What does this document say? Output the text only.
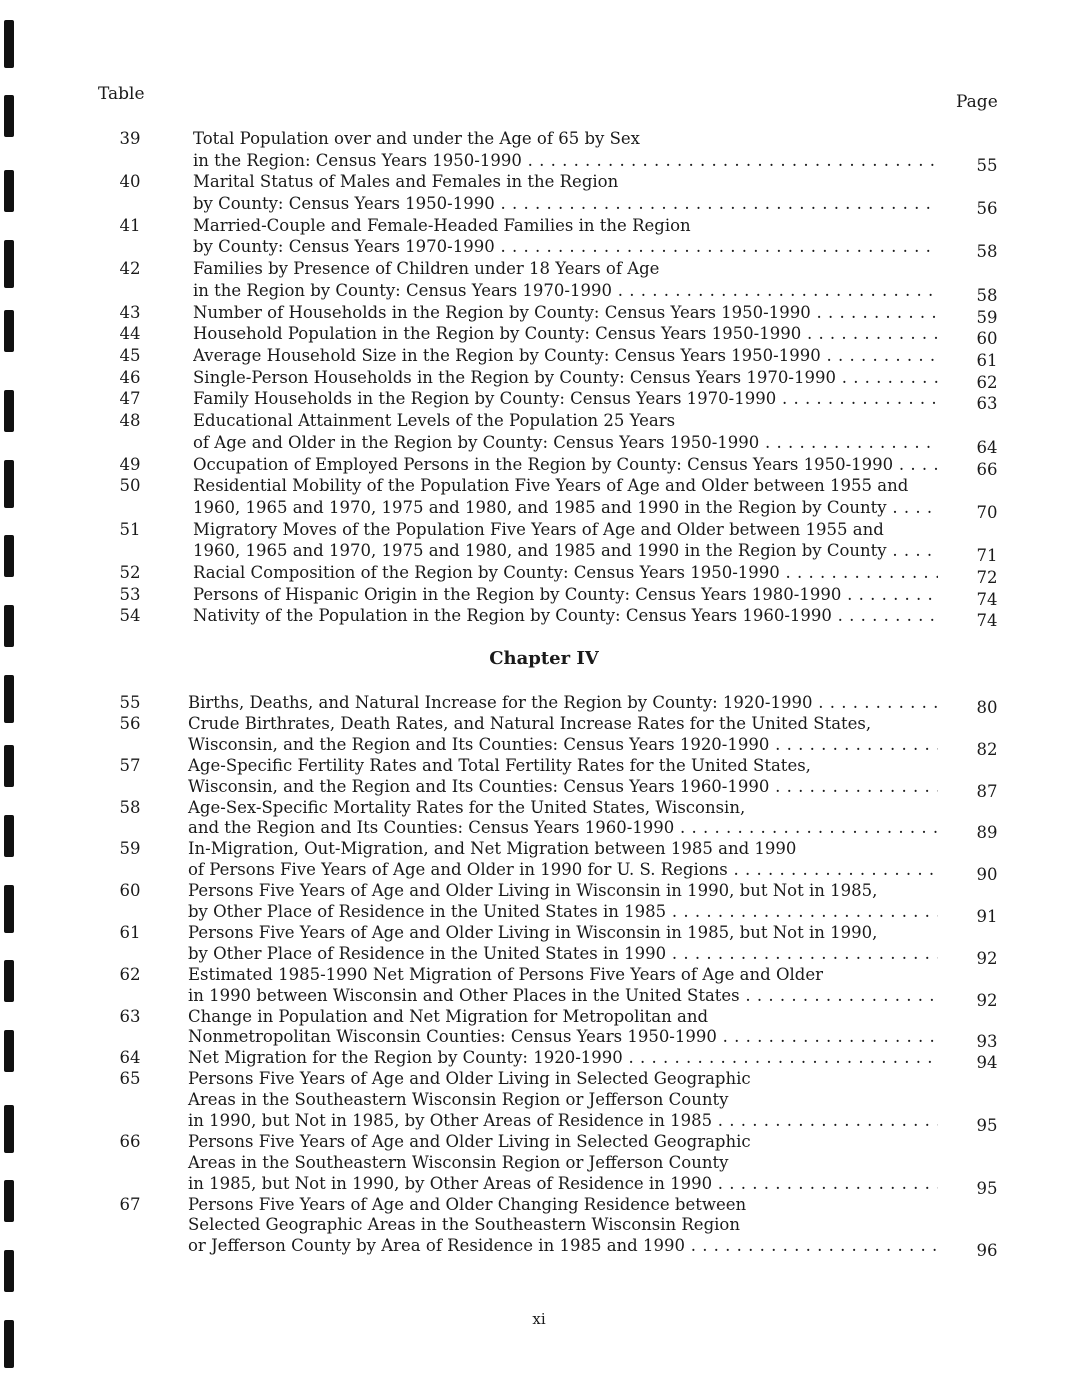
Table	Page
39	Total Population over and under the Age of 65 by Sex
in the Region: Census Years 1950-1990 . . .	55
40	Marital Status of Males and Females in the Region
by County: Census Years 1950-1990 . . .	56
41	Married-Couple and Female-Headed Families in the Region
by County: Census Years 1970-1990 . . .	58
42	Families by Presence of Children under 18 Years of Age
in the Region by County: Census Years 1970-1990 . . .	58
43	Number of Households in the Region by County: Census Years 1950-1990 . . .	59
44	Household Population in the Region by County: Census Years 1950-1990 . . .	60
45	Average Household Size in the Region by County: Census Years 1950-1990 . . .	61
46	Single-Person Households in the Region by County: Census Years 1970-1990 . . .	62
47	Family Households in the Region by County: Census Years 1970-1990 . . .	63
48	Educational Attainment Levels of the Population 25 Years
of Age and Older in the Region by County: Census Years 1950-1990 . . .	64
49	Occupation of Employed Persons in the Region by County: Census Years 1950-1990 . . .	66
50	Residential Mobility of the Population Five Years of Age and Older between 1955 and
1960, 1965 and 1970, 1975 and 1980, and 1985 and 1990 in the Region by County . . .	70
51	Migratory Moves of the Population Five Years of Age and Older between 1955 and
1960, 1965 and 1970, 1975 and 1980, and 1985 and 1990 in the Region by County . . .	71
52	Racial Composition of the Region by County: Census Years 1950-1990 . . .	72
53	Persons of Hispanic Origin in the Region by County: Census Years 1980-1990 . . .	74
54	Nativity of the Population in the Region by County: Census Years 1960-1990 . . .	74
Chapter IV
55	Births, Deaths, and Natural Increase for the Region by County: 1920-1990 . . .	80
56	Crude Birthrates, Death Rates, and Natural Increase Rates for the United States,
Wisconsin, and the Region and Its Counties: Census Years 1920-1990 . . .	82
57	Age-Specific Fertility Rates and Total Fertility Rates for the United States,
Wisconsin, and the Region and Its Counties: Census Years 1960-1990 . . .	87
58	Age-Sex-Specific Mortality Rates for the United States, Wisconsin,
and the Region and Its Counties: Census Years 1960-1990 . . .	89
59	In-Migration, Out-Migration, and Net Migration between 1985 and 1990
of Persons Five Years of Age and Older in 1990 for U. S. Regions . . .	90
60	Persons Five Years of Age and Older Living in Wisconsin in 1990, but Not in 1985,
by Other Place of Residence in the United States in 1985 . . .	91
61	Persons Five Years of Age and Older Living in Wisconsin in 1985, but Not in 1990,
by Other Place of Residence in the United States in 1990 . . .	92
62	Estimated 1985-1990 Net Migration of Persons Five Years of Age and Older
in 1990 between Wisconsin and Other Places in the United States . . .	92
63	Change in Population and Net Migration for Metropolitan and
Nonmetropolitan Wisconsin Counties: Census Years 1950-1990 . . .	93
64	Net Migration for the Region by County: 1920-1990 . . .	94
65	Persons Five Years of Age and Older Living in Selected Geographic
Areas in the Southeastern Wisconsin Region or Jefferson County
in 1990, but Not in 1985, by Other Areas of Residence in 1985 . . .	95
66	Persons Five Years of Age and Older Living in Selected Geographic
Areas in the Southeastern Wisconsin Region or Jefferson County
in 1985, but Not in 1990, by Other Areas of Residence in 1990 . . .	95
67	Persons Five Years of Age and Older Changing Residence between
Selected Geographic Areas in the Southeastern Wisconsin Region
or Jefferson County by Area of Residence in 1985 and 1990 . . .	96
xi
